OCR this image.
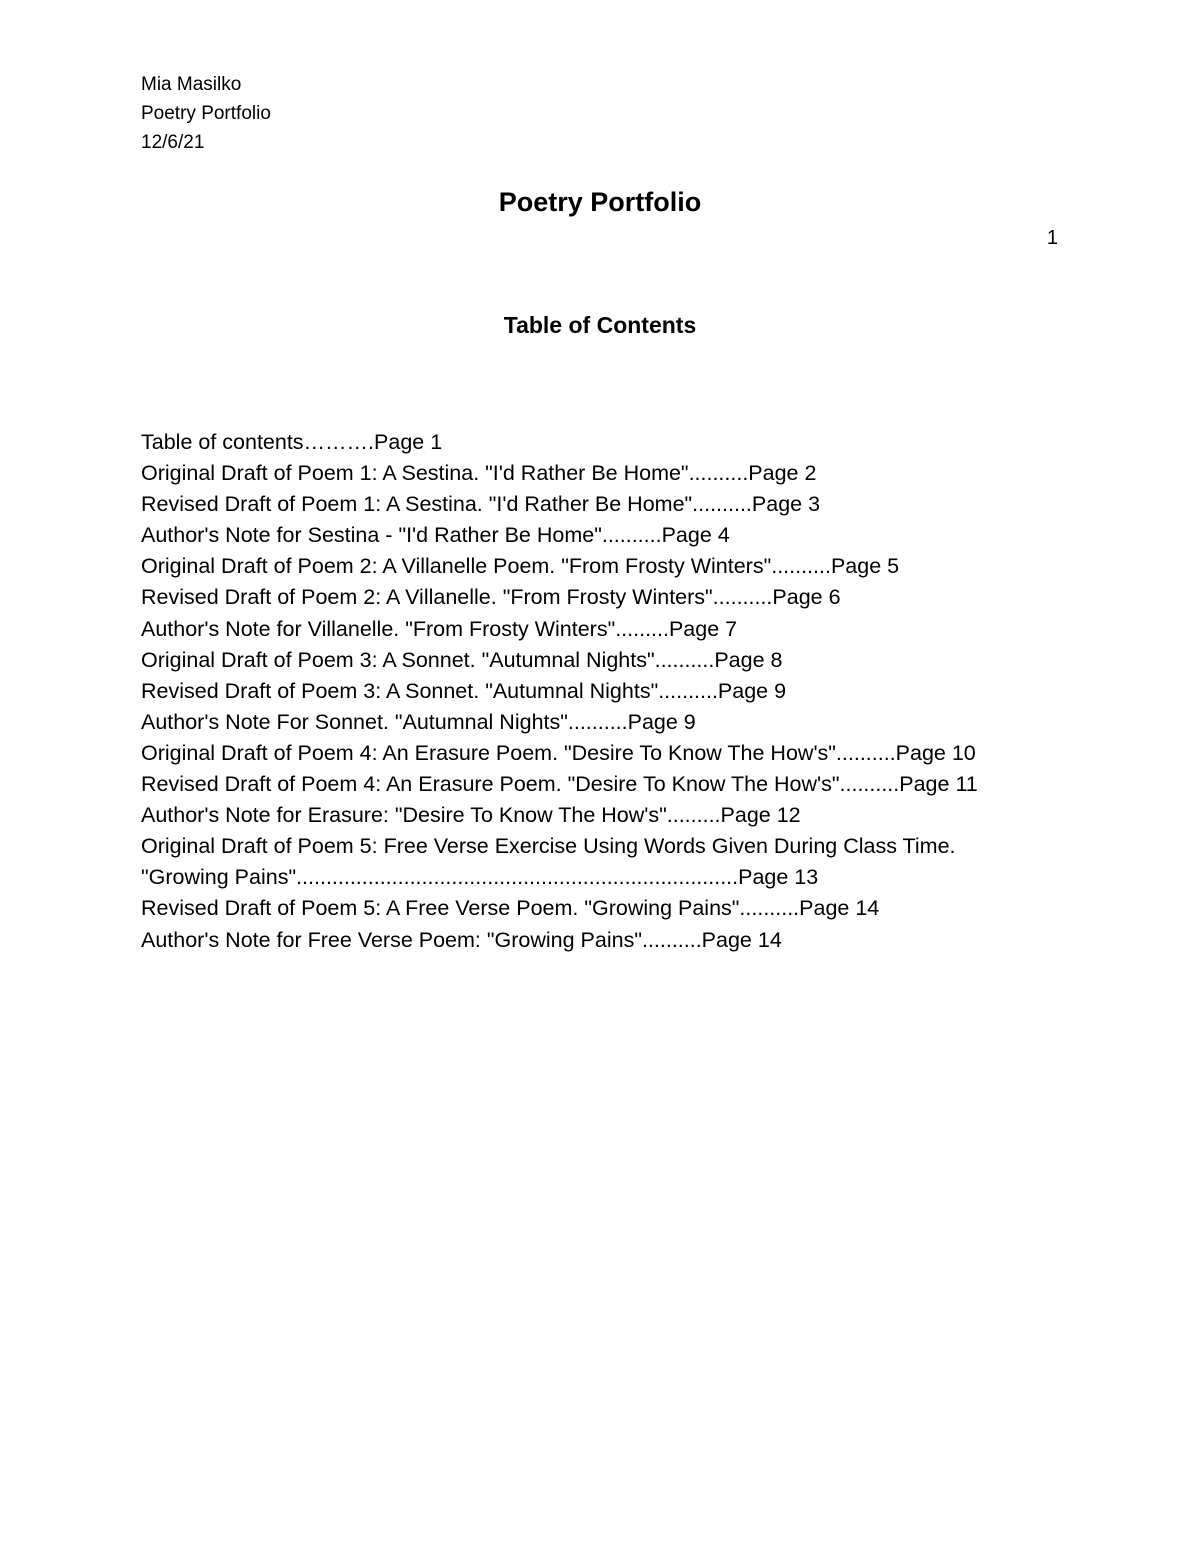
Mia Masilko
Poetry Portfolio
12/6/21
Poetry Portfolio
1
Table of Contents
Table of contents……….Page 1
Original Draft of Poem 1: A Sestina. "I'd Rather Be Home"..........Page 2
Revised Draft of Poem 1: A Sestina. "I'd Rather Be Home"..........Page 3
Author's Note for Sestina - "I'd Rather Be Home"..........Page 4
Original Draft of Poem 2: A Villanelle Poem. "From Frosty Winters"..........Page 5
Revised Draft of Poem 2: A Villanelle. "From Frosty Winters"..........Page 6
Author's Note for Villanelle. "From Frosty Winters".........Page 7
Original Draft of Poem 3: A Sonnet. "Autumnal Nights"..........Page 8
Revised Draft of Poem 3: A Sonnet. "Autumnal Nights"..........Page 9
Author's Note For Sonnet. "Autumnal Nights"..........Page 9
Original Draft of Poem 4: An Erasure Poem. "Desire To Know The How's"..........Page 10
Revised Draft of Poem 4: An Erasure Poem. "Desire To Know The How's"..........Page 11
Author's Note for Erasure: "Desire To Know The How's".........Page 12
Original Draft of Poem 5: Free Verse Exercise Using Words Given During Class Time.
"Growing Pains"..........................................................................Page 13
Revised Draft of Poem 5: A Free Verse Poem. "Growing Pains"..........Page 14
Author's Note for Free Verse Poem: "Growing Pains"..........Page 14
